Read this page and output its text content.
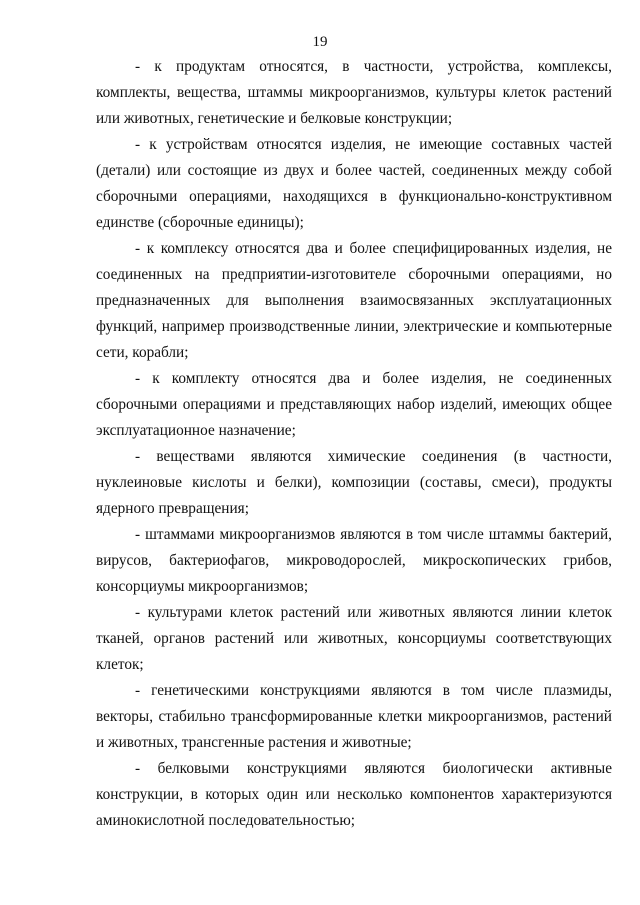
19

- к продуктам относятся, в частности, устройства, комплексы, комплекты, вещества, штаммы микроорганизмов, культуры клеток растений или животных, генетические и белковые конструкции;

- к устройствам относятся изделия, не имеющие составных частей (детали) или состоящие из двух и более частей, соединенных между собой сборочными операциями, находящихся в функционально-конструктивном единстве (сборочные единицы);

- к комплексу относятся два и более специфицированных изделия, не соединенных на предприятии-изготовителе сборочными операциями, но предназначенных для выполнения взаимосвязанных эксплуатационных функций, например производственные линии, электрические и компьютерные сети, корабли;

- к комплекту относятся два и более изделия, не соединенных сборочными операциями и представляющих набор изделий, имеющих общее эксплуатационное назначение;

- веществами являются химические соединения (в частности, нуклеиновые кислоты и белки), композиции (составы, смеси), продукты ядерного превращения;

- штаммами микроорганизмов являются в том числе штаммы бактерий, вирусов, бактериофагов, микроводорослей, микроскопических грибов, консорциумы микроорганизмов;

- культурами клеток растений или животных являются линии клеток тканей, органов растений или животных, консорциумы соответствующих клеток;

- генетическими конструкциями являются в том числе плазмиды, векторы, стабильно трансформированные клетки микроорганизмов, растений и животных, трансгенные растения и животные;

- белковыми конструкциями являются биологически активные конструкции, в которых один или несколько компонентов характеризуются аминокислотной последовательностью;
